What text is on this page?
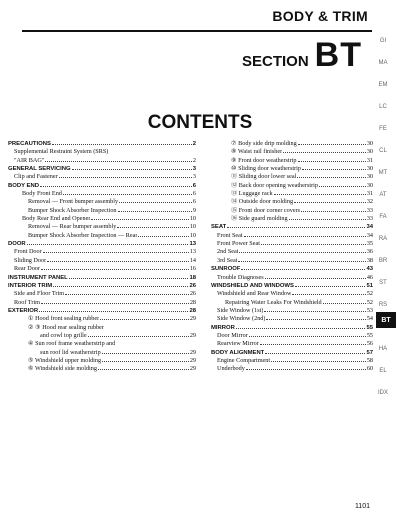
BODY & TRIM
SECTION BT
CONTENTS
PRECAUTIONS	2
Supplemental Restraint System (SRS)
"AIR BAG"	2
GENERAL SERVICING	3
Clip and Fastener	3
BODY END	6
Body Front End	6
Removal — Front bumper assembly	6
Bumper Shock Absorber Inspection	9
Body Rear End and Opener	10
Removal — Rear bumper assembly	10
Bumper Shock Absorber Inspection — Rear	10
DOOR	13
Front Door	13
Sliding Door	14
Rear Door	16
INSTRUMENT PANEL	18
INTERIOR TRIM	26
Side and Floor Trim	26
Roof Trim	28
EXTERIOR	28
① Hood front sealing rubber	29
② ③ Hood rear sealing rubber
and cowl top grille	29
④ Sun roof frame weatherstrip and
sun roof lid weatherstrip	29
⑤ Windshield upper molding	29
⑥ Windshield side molding	29
⑦ Body side drip molding	30
⑧ Waist rail finisher	30
⑨ Front door weatherstrip	31
⑩ Sliding door weatherstrip	30
⑪ Sliding door lower seal	30
⑫ Back door opening weatherstrip	30
⑬ Luggage rack	31
⑭ Outside door molding	32
⑮ Front door corner covers	33
⑯ Side guard molding	33
SEAT	34
Front Seat	34
Front Power Seat	35
2nd Seat	36
3rd Seat	38
SUNROOF	43
Trouble Diagnoses	46
WINDSHIELD AND WINDOWS	51
Windshield and Rear Window	52
Repairing Water Leaks For Windshield	52
Side Window (1st)	53
Side Window (2nd)	54
MIRROR	55
Door Mirror	55
Rearview Mirror	56
BODY ALIGNMENT	57
Engine Compartment	58
Underbody	60
GI
MA
EM
LC
FE
CL
MT
AT
FA
RA
BR
ST
RS
HA
EL
IDX
BT
1101
